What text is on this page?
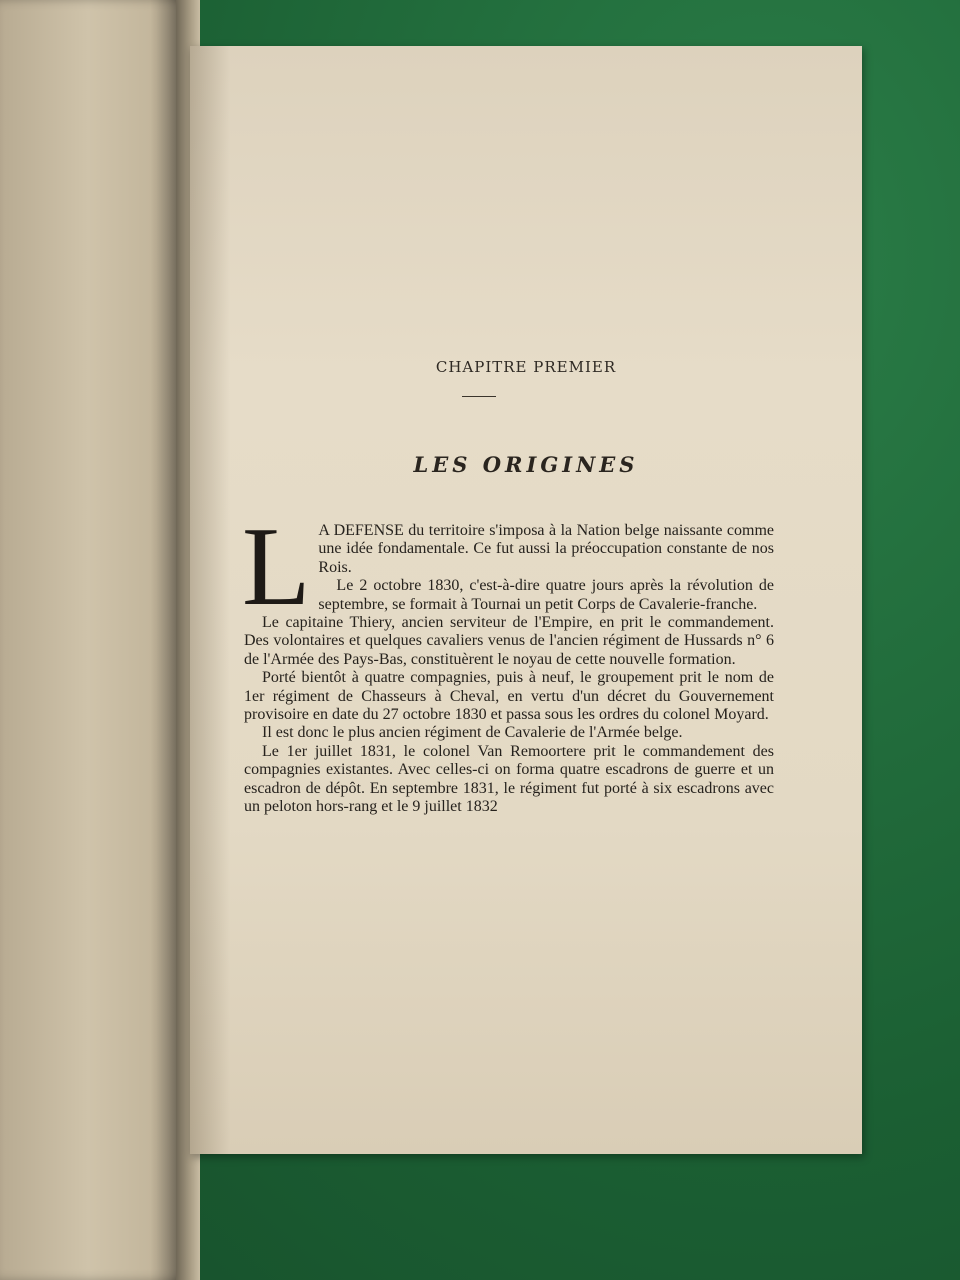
CHAPITRE PREMIER
LES ORIGINES
L A DEFENSE du territoire s'imposa à la Nation belge naissante comme une idée fondamentale. Ce fut aussi la préoccupation constante de nos Rois.

Le 2 octobre 1830, c'est-à-dire quatre jours après la révolution de septembre, se formait à Tournai un petit Corps de Cavalerie-franche.

Le capitaine Thiery, ancien serviteur de l'Empire, en prit le commandement. Des volontaires et quelques cavaliers venus de l'ancien régiment de Hussards n° 6 de l'Armée des Pays-Bas, constituèrent le noyau de cette nouvelle formation.

Porté bientôt à quatre compagnies, puis à neuf, le groupement prit le nom de 1er régiment de Chasseurs à Cheval, en vertu d'un décret du Gouvernement provisoire en date du 27 octobre 1830 et passa sous les ordres du colonel Moyard.

Il est donc le plus ancien régiment de Cavalerie de l'Armée belge.

Le 1er juillet 1831, le colonel Van Remoortere prit le commandement des compagnies existantes. Avec celles-ci on forma quatre escadrons de guerre et un escadron de dépôt. En septembre 1831, le régiment fut porté à six escadrons avec un peloton hors-rang et le 9 juillet 1832
